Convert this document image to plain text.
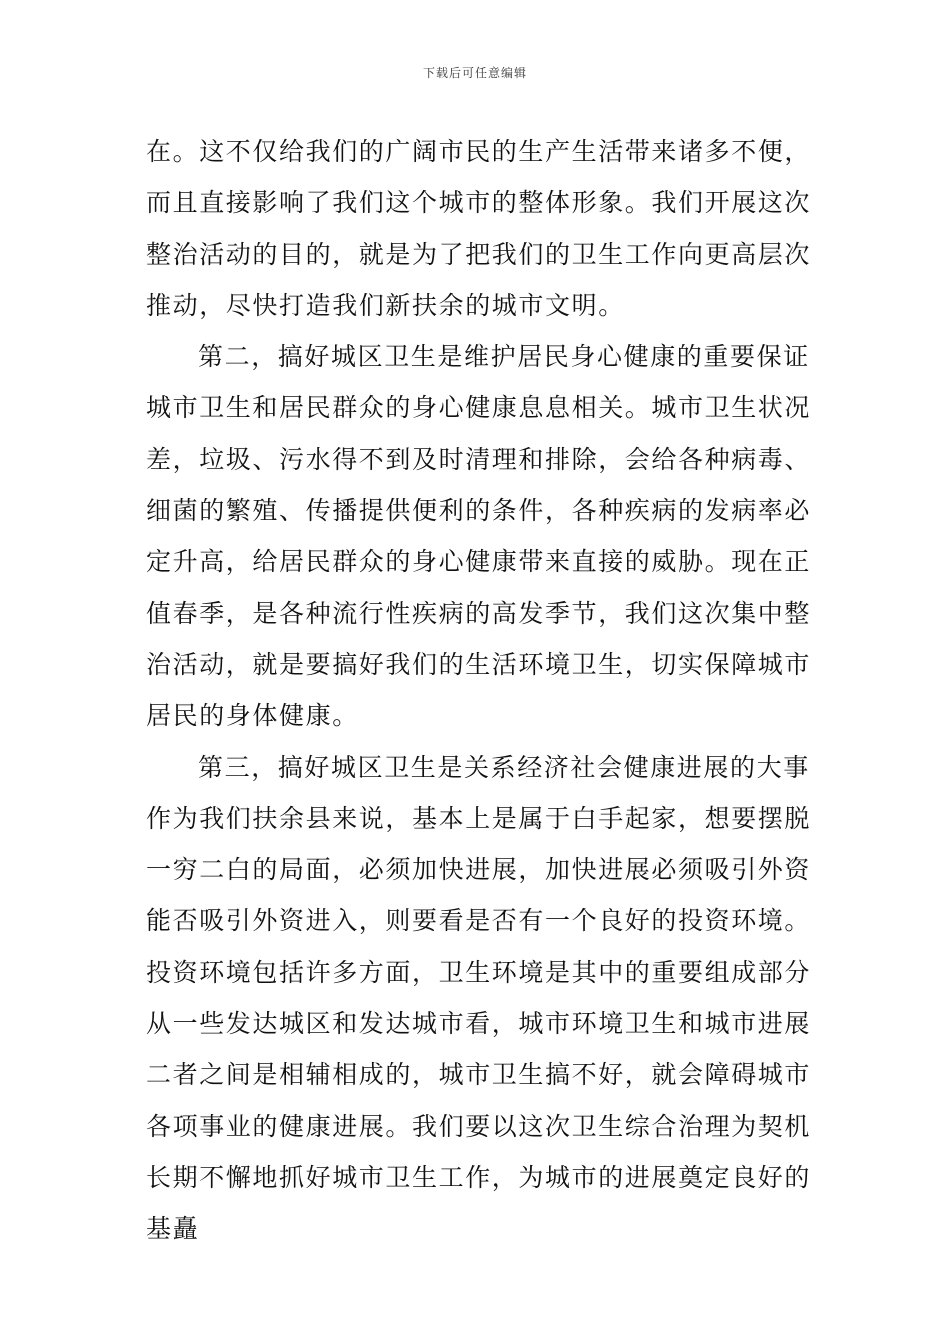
下载后可任意编辑
在。这不仅给我们的广阔市民的生产生活带来诸多不便，
而且直接影响了我们这个城市的整体形象。我们开展这次
整治活动的目的，就是为了把我们的卫生工作向更高层次
推动，尽快打造我们新扶余的城市文明。
第二，搞好城区卫生是维护居民身心健康的重要保证
城市卫生和居民群众的身心健康息息相关。城市卫生状况
差，垃圾、污水得不到及时清理和排除，会给各种病毒、
细菌的繁殖、传播提供便利的条件，各种疾病的发病率必
定升高，给居民群众的身心健康带来直接的威胁。现在正
值春季，是各种流行性疾病的高发季节，我们这次集中整
治活动，就是要搞好我们的生活环境卫生，切实保障城市
居民的身体健康。
第三，搞好城区卫生是关系经济社会健康进展的大事
作为我们扶余县来说，基本上是属于白手起家，想要摆脱
一穷二白的局面，必须加快进展，加快进展必须吸引外资
能否吸引外资进入，则要看是否有一个良好的投资环境。
投资环境包括许多方面，卫生环境是其中的重要组成部分
从一些发达城区和发达城市看，城市环境卫生和城市进展
二者之间是相辅相成的，城市卫生搞不好，就会障碍城市
各项事业的健康进展。我们要以这次卫生综合治理为契机
长期不懈地抓好城市卫生工作，为城市的进展奠定良好的
基矗
